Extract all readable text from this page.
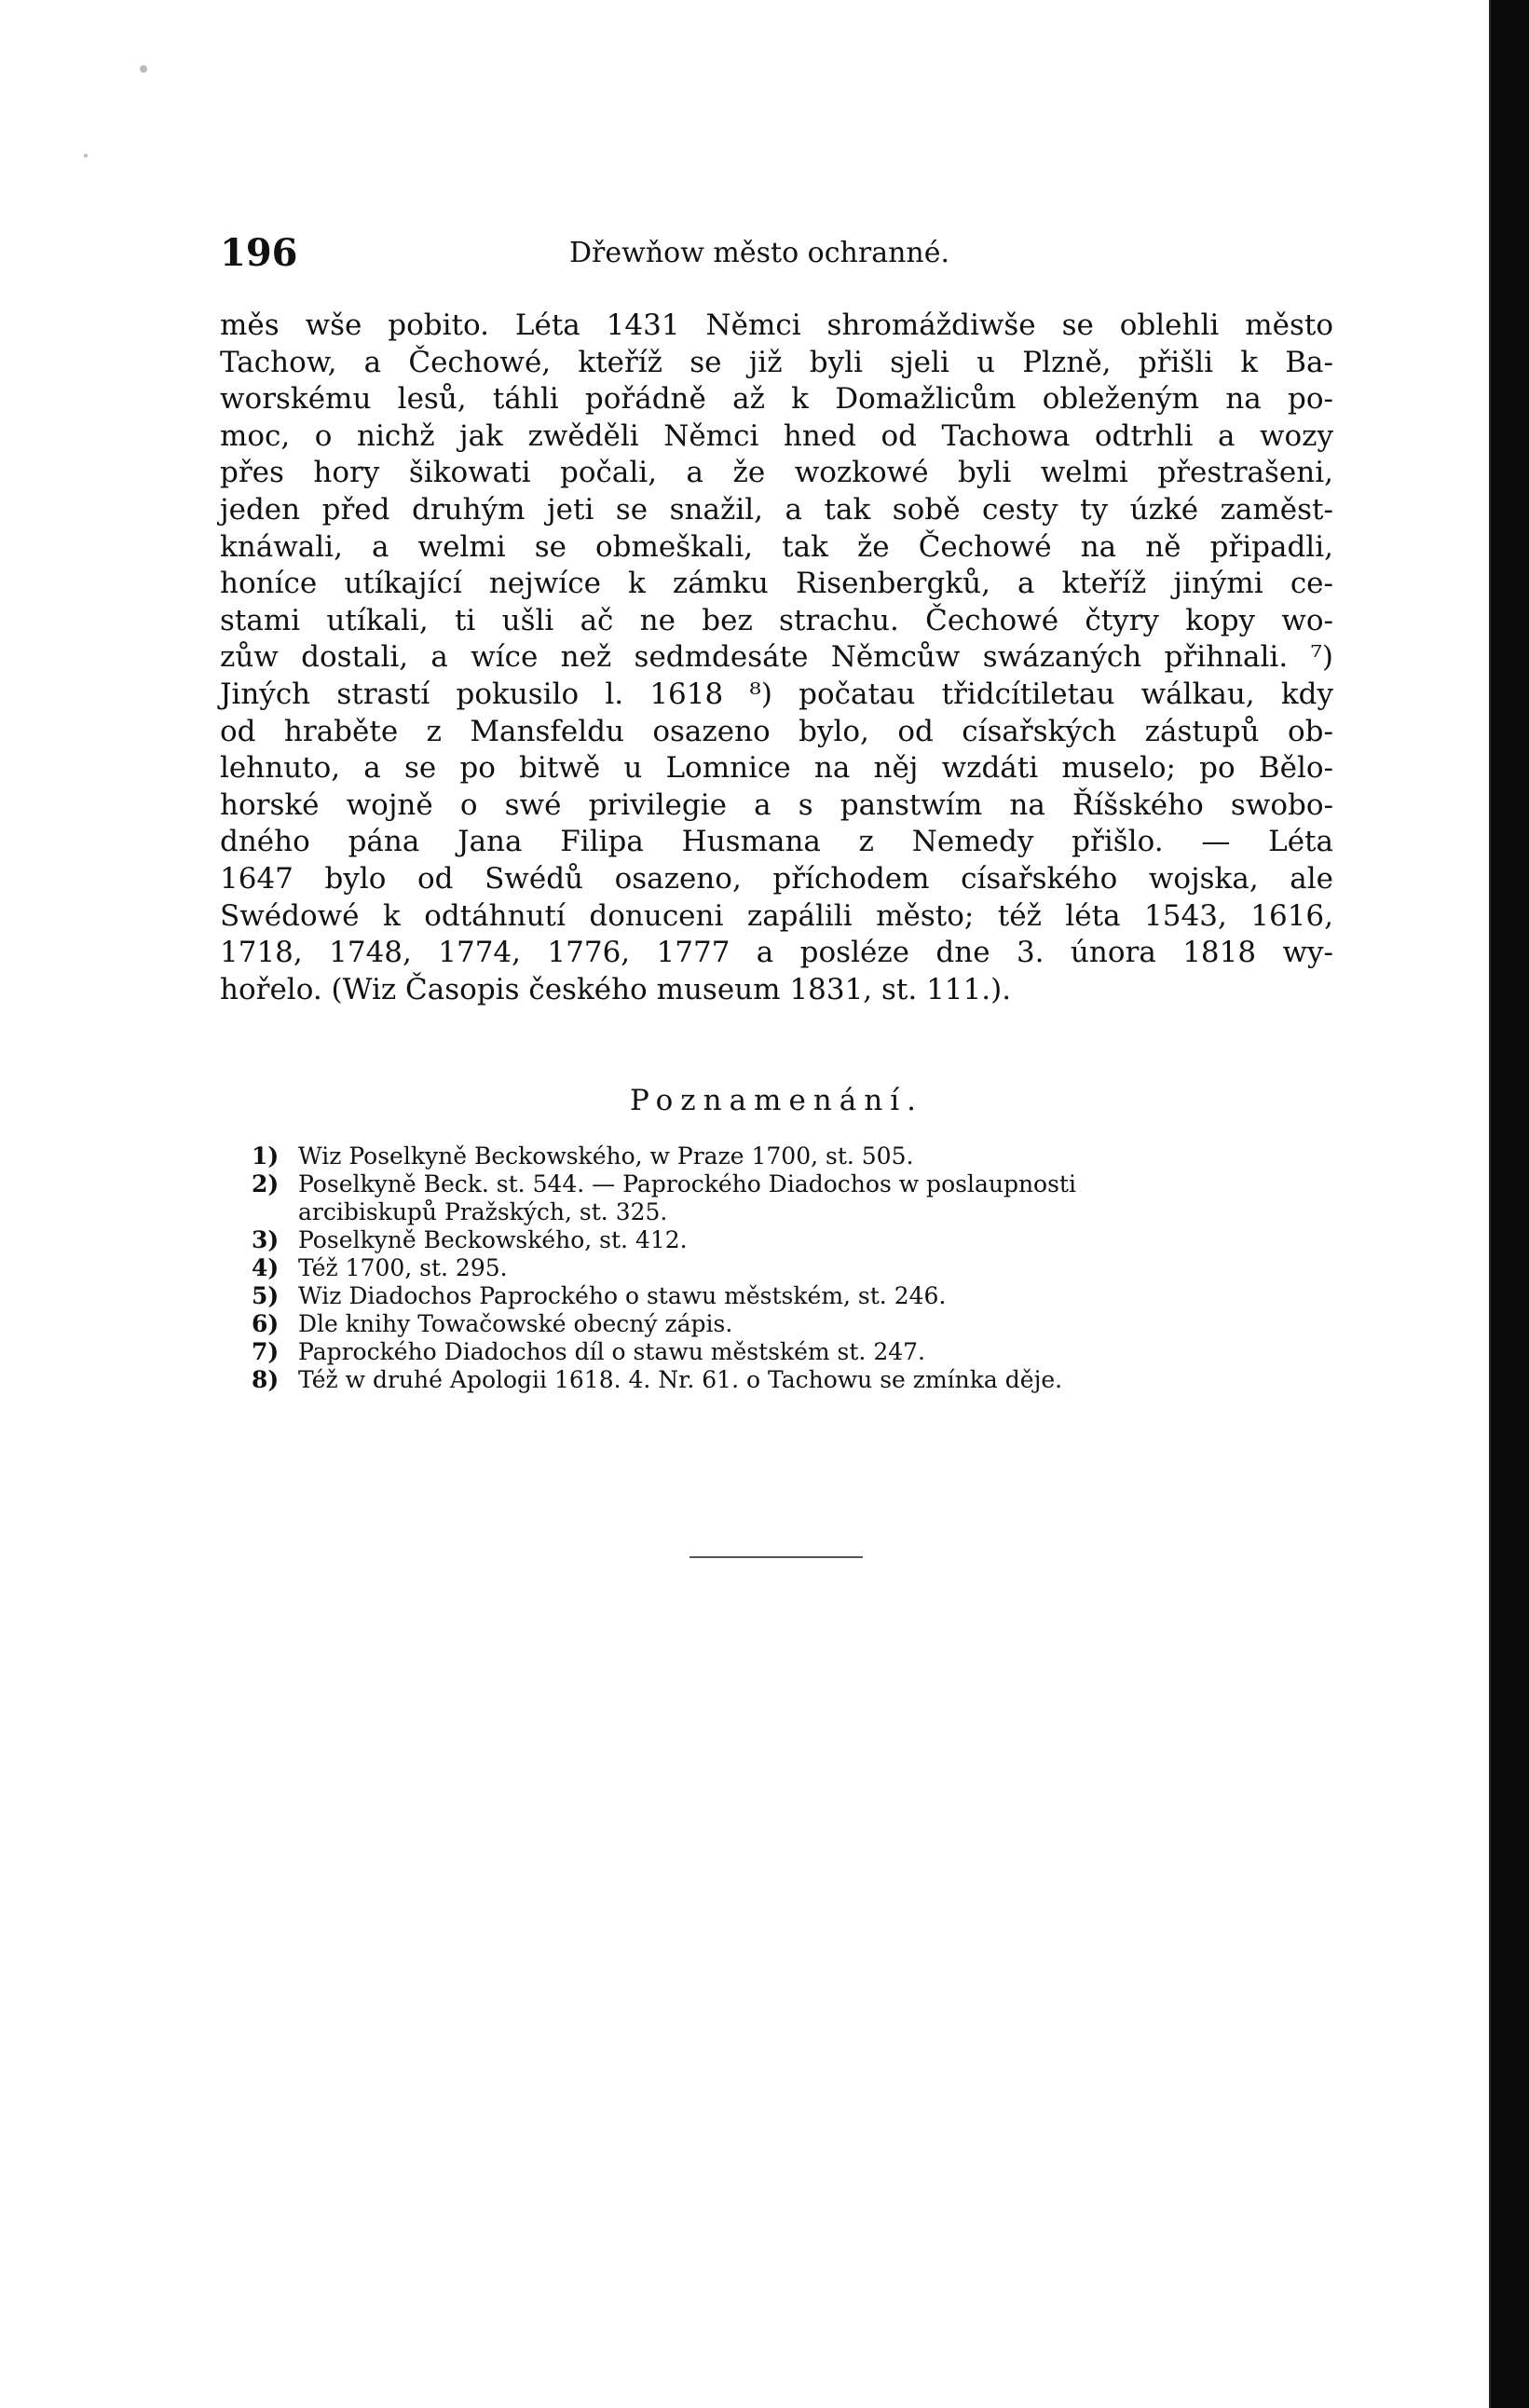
196	Dřewňow město ochranné.

měs wše pobito. Léta 1431 Němci shromáždiwše se oblehli město
Tachow, a Čechowé, kteříž se již byli sjeli u Plzně, přišli k Ba-
worskému lesů, táhli pořádně až k Domažlicům obleženým na po-
moc, o nichž jak zwěděli Němci hned od Tachowa odtrhli a wozy
přes hory šikowati počali, a že wozkowé byli welmi přestrašeni,
jeden před druhým jeti se snažil, a tak sobě cesty ty úzké zaměst-
knáwali, a welmi se obmeškali, tak že Čechowé na ně připadli,
honíce utíkající nejwíce k zámku Risenbergků, a kteříž jinými ce-
stami utíkali, ti ušli ač ne bez strachu. Čechowé čtyry kopy wo-
zůw dostali, a wíce než sedmdesáte Němcůw swázaných přihnali. ⁷)
Jiných strastí pokusilo l. 1618 ⁸) počatau třidcítiletau wálkau, kdy
od hraběte z Mansfeldu osazeno bylo, od císařských zástupů ob-
lehnuto, a se po bitwě u Lomnice na něj wzdáti muselo; po Bělo-
horské wojně o swé privilegie a s panstwím na Říšského swobo-
dného pána Jana Filipa Husmana z Nemedy přišlo. — Léta
1647 bylo od Swédů osazeno, příchodem císařského wojska, ale
Swédowé k odtáhnutí donuceni zapálili město; též léta 1543, 1616,
1718, 1748, 1774, 1776, 1777 a posléze dne 3. února 1818 wy-
hořelo. (Wiz Časopis českého museum 1831, st. 111.).

Poznamenání.
1) Wiz Poselkyně Beckowského, w Praze 1700, st. 505.
2) Poselkyně Beck. st. 544. — Paprockého Diadochos w poslaupnosti
arcibiskupů Pražských, st. 325.
3) Poselkyně Beckowského, st. 412.
4) Též 1700, st. 295.
5) Wiz Diadochos Paprockého o stawu městském, st. 246.
6) Dle knihy Towačowské obecný zápis.
7) Paprockého Diadochos díl o stawu městském st. 247.
8) Též w druhé Apologii 1618. 4. Nr. 61. o Tachowu se zmínka děje.
